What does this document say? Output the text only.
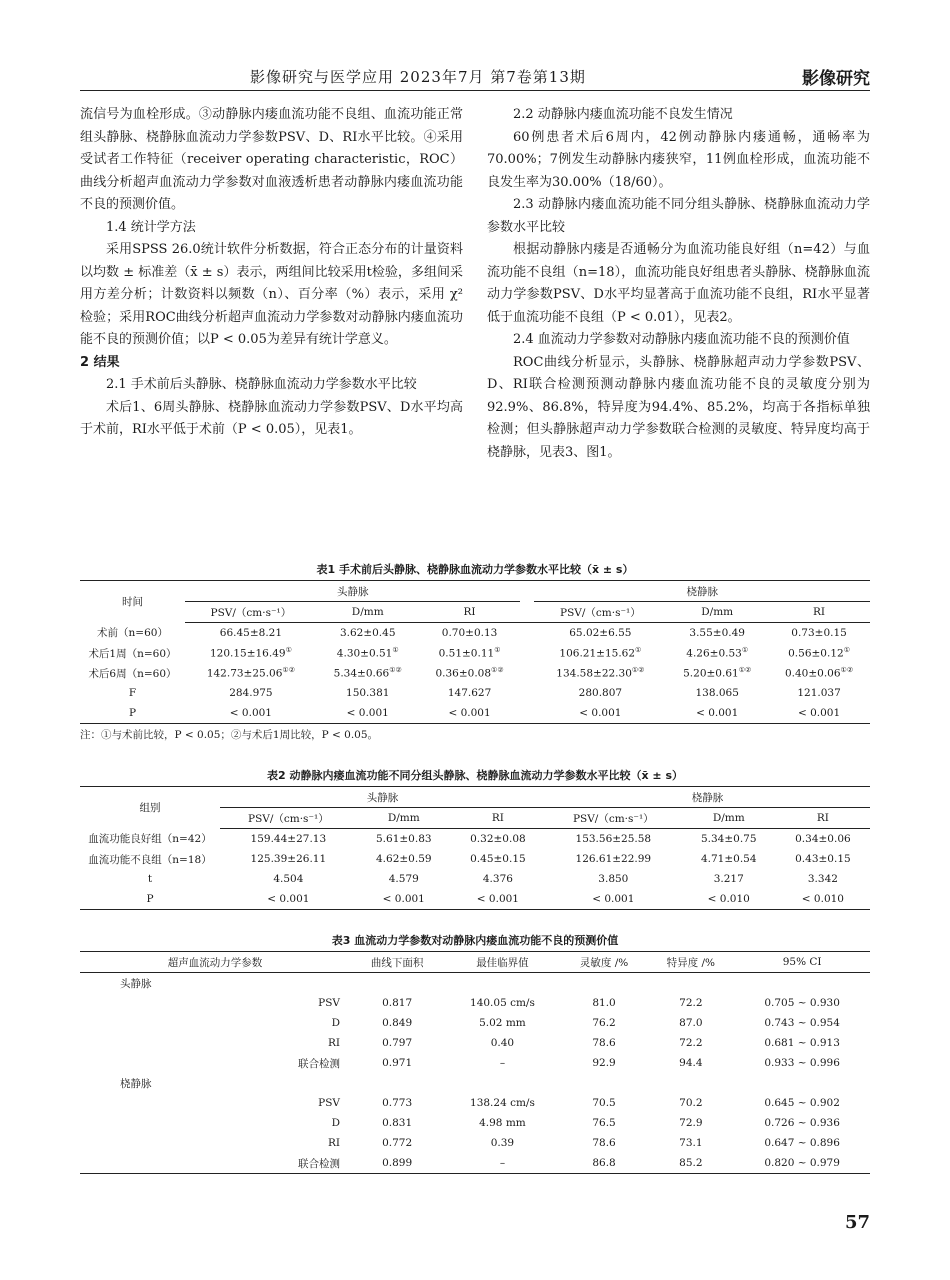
影像研究与医学应用 2023年7月 第7卷第13期	影像研究

流信号为血栓形成。③动静脉内瘘血流功能不良组、血流功能正常组头静脉、桡静脉血流动力学参数PSV、D、RI水平比较。④采用受试者工作特征（receiver operating characteristic，ROC）曲线分析超声血流动力学参数对血液透析患者动静脉内瘘血流功能不良的预测价值。

1.4 统计学方法

采用SPSS 26.0统计软件分析数据，符合正态分布的计量资料以均数 ± 标准差（x̄ ± s）表示，两组间比较采用t检验，多组间采用方差分析；计数资料以频数（n）、百分率（%）表示，采用 χ² 检验；采用ROC曲线分析超声血流动力学参数对动静脉内瘘血流功能不良的预测价值；以P < 0.05为差异有统计学意义。

2 结果

2.1 手术前后头静脉、桡静脉血流动力学参数水平比较

术后1、6周头静脉、桡静脉血流动力学参数PSV、D水平均高于术前，RI水平低于术前（P < 0.05），见表1。

2.2 动静脉内瘘血流功能不良发生情况

60例患者术后6周内，42例动静脉内瘘通畅，通畅率为70.00%；7例发生动静脉内瘘狭窄，11例血栓形成，血流功能不良发生率为30.00%（18/60）。

2.3 动静脉内瘘血流功能不同分组头静脉、桡静脉血流动力学参数水平比较

根据动静脉内瘘是否通畅分为血流功能良好组（n=42）与血流功能不良组（n=18），血流功能良好组患者头静脉、桡静脉血流动力学参数PSV、D水平均显著高于血流功能不良组，RI水平显著低于血流功能不良组（P < 0.01），见表2。

2.4 血流动力学参数对动静脉内瘘血流功能不良的预测价值

ROC曲线分析显示，头静脉、桡静脉超声动力学参数PSV、D、RI联合检测预测动静脉内瘘血流功能不良的灵敏度分别为92.9%、86.8%，特异度为94.4%、85.2%，均高于各指标单独检测；但头静脉超声动力学参数联合检测的灵敏度、特异度均高于桡静脉，见表3、图1。

表1 手术前后头静脉、桡静脉血流动力学参数水平比较（x̄ ± s）
时间	头静脉				桡静脉		
	PSV/（cm·s⁻¹）	D/mm	RI		PSV/（cm·s⁻¹）	D/mm	RI
术前（n=60）	66.45±8.21	3.62±0.45	0.70±0.13		65.02±6.55	3.55±0.49	0.73±0.15
术后1周（n=60）	120.15±16.49①	4.30±0.51①	0.51±0.11①		106.21±15.62①	4.26±0.53①	0.56±0.12①
术后6周（n=60）	142.73±25.06①②	5.34±0.66①②	0.36±0.08①②		134.58±22.30①②	5.20±0.61①②	0.40±0.06①②
F	284.975	150.381	147.627		280.807	138.065	121.037
P	< 0.001	< 0.001	< 0.001		< 0.001	< 0.001	< 0.001
注：①与术前比较，P < 0.05；②与术后1周比较，P < 0.05。
表2 动静脉内瘘血流功能不同分组头静脉、桡静脉血流动力学参数水平比较（x̄ ± s）
组别	头静脉			桡静脉		
	PSV/（cm·s⁻¹）	D/mm	RI	PSV/（cm·s⁻¹）	D/mm	RI
血流功能良好组（n=42）	159.44±27.13	5.61±0.83	0.32±0.08	153.56±25.58	5.34±0.75	0.34±0.06
血流功能不良组（n=18）	125.39±26.11	4.62±0.59	0.45±0.15	126.61±22.99	4.71±0.54	0.43±0.15
t	4.504	4.579	4.376	3.850	3.217	3.342
P	< 0.001	< 0.001	< 0.001	< 0.001	< 0.010	< 0.010
表3 血流动力学参数对动静脉内瘘血流功能不良的预测价值
超声血流动力学参数		曲线下面积	最佳临界值	灵敏度 /%	特异度 /%	95% CI
头静脉						
	PSV	0.817	140.05 cm/s	81.0	72.2	0.705 ~ 0.930
	D	0.849	5.02 mm	76.2	87.0	0.743 ~ 0.954
	RI	0.797	0.40	78.6	72.2	0.681 ~ 0.913
	联合检测	0.971	–	92.9	94.4	0.933 ~ 0.996
桡静脉						
	PSV	0.773	138.24 cm/s	70.5	70.2	0.645 ~ 0.902
	D	0.831	4.98 mm	76.5	72.9	0.726 ~ 0.936
	RI	0.772	0.39	78.6	73.1	0.647 ~ 0.896
	联合检测	0.899	–	86.8	85.2	0.820 ~ 0.979
57
